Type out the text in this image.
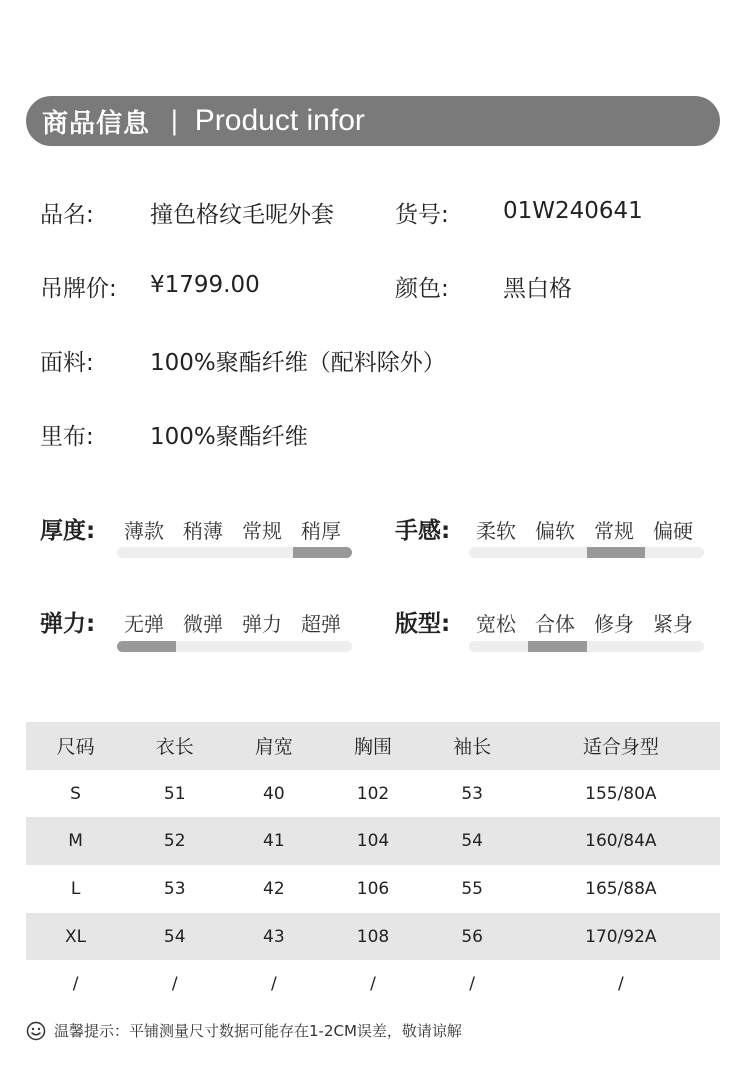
商品信息 | Product infor
品名: 撞色格纹毛呢外套	货号: 01W240641
吊牌价: ¥1799.00	颜色: 黑白格
面料: 100%聚酯纤维（配料除外）
里布: 100%聚酯纤维
厚度: 薄款 稍薄 常规 稍厚 手感: 柔软 偏软 常规 偏硬
弹力: 无弹 微弹 弹力 超弹 版型: 宽松 合体 修身 紧身
尺码	衣长	肩宽	胸围	袖长	适合身型
S	51	40	102	53	155/80A
M	52	41	104	54	160/84A
L	53	42	106	55	165/88A
XL	54	43	108	56	170/92A
/	/	/	/	/	/
温馨提示：平铺测量尺寸数据可能存在1-2CM误差，敬请谅解
